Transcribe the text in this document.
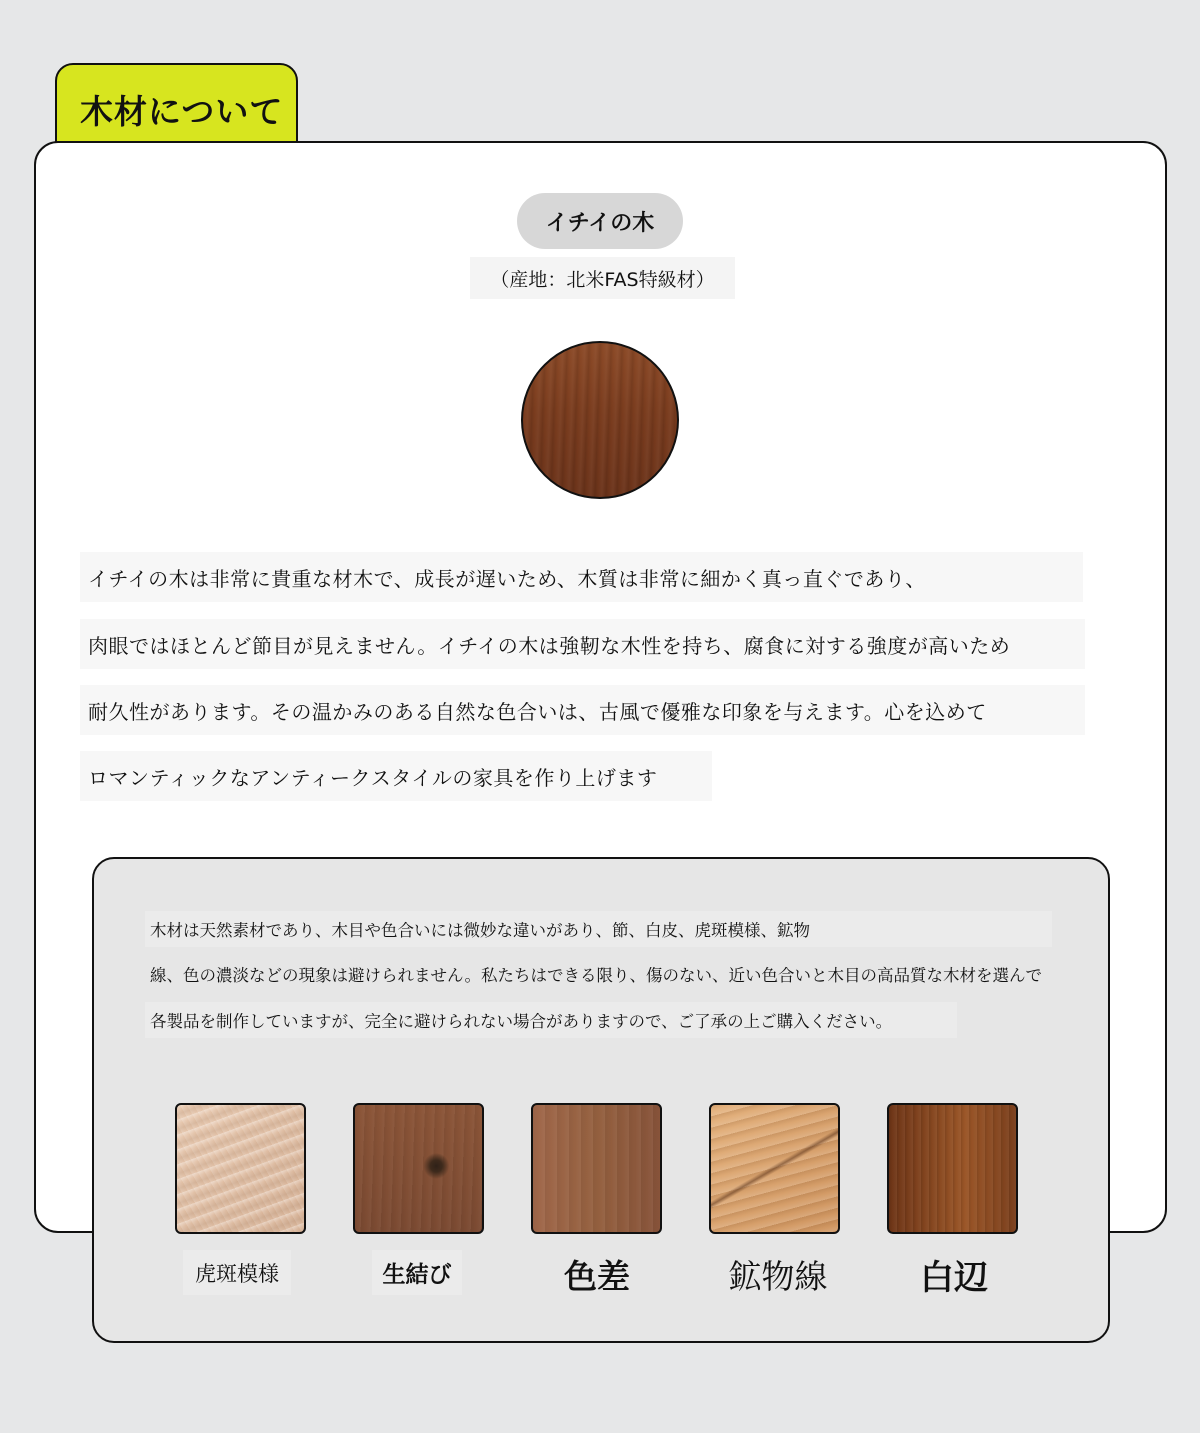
木材について
イチイの木
（産地：北米FAS特級材）
イチイの木は非常に貴重な材木で、成長が遅いため、木質は非常に細かく真っ直ぐであり、
肉眼ではほとんど節目が見えません。イチイの木は強靭な木性を持ち、腐食に対する強度が高いため
耐久性があります。その温かみのある自然な色合いは、古風で優雅な印象を与えます。心を込めて
ロマンティックなアンティークスタイルの家具を作り上げます
木材は天然素材であり、木目や色合いには微妙な違いがあり、節、白皮、虎斑模様、鉱物
線、色の濃淡などの現象は避けられません。私たちはできる限り、傷のない、近い色合いと木目の高品質な木材を選んで
各製品を制作していますが、完全に避けられない場合がありますので、ご了承の上ご購入ください。
虎斑模様	生結び	色差	鉱物線	白辺
